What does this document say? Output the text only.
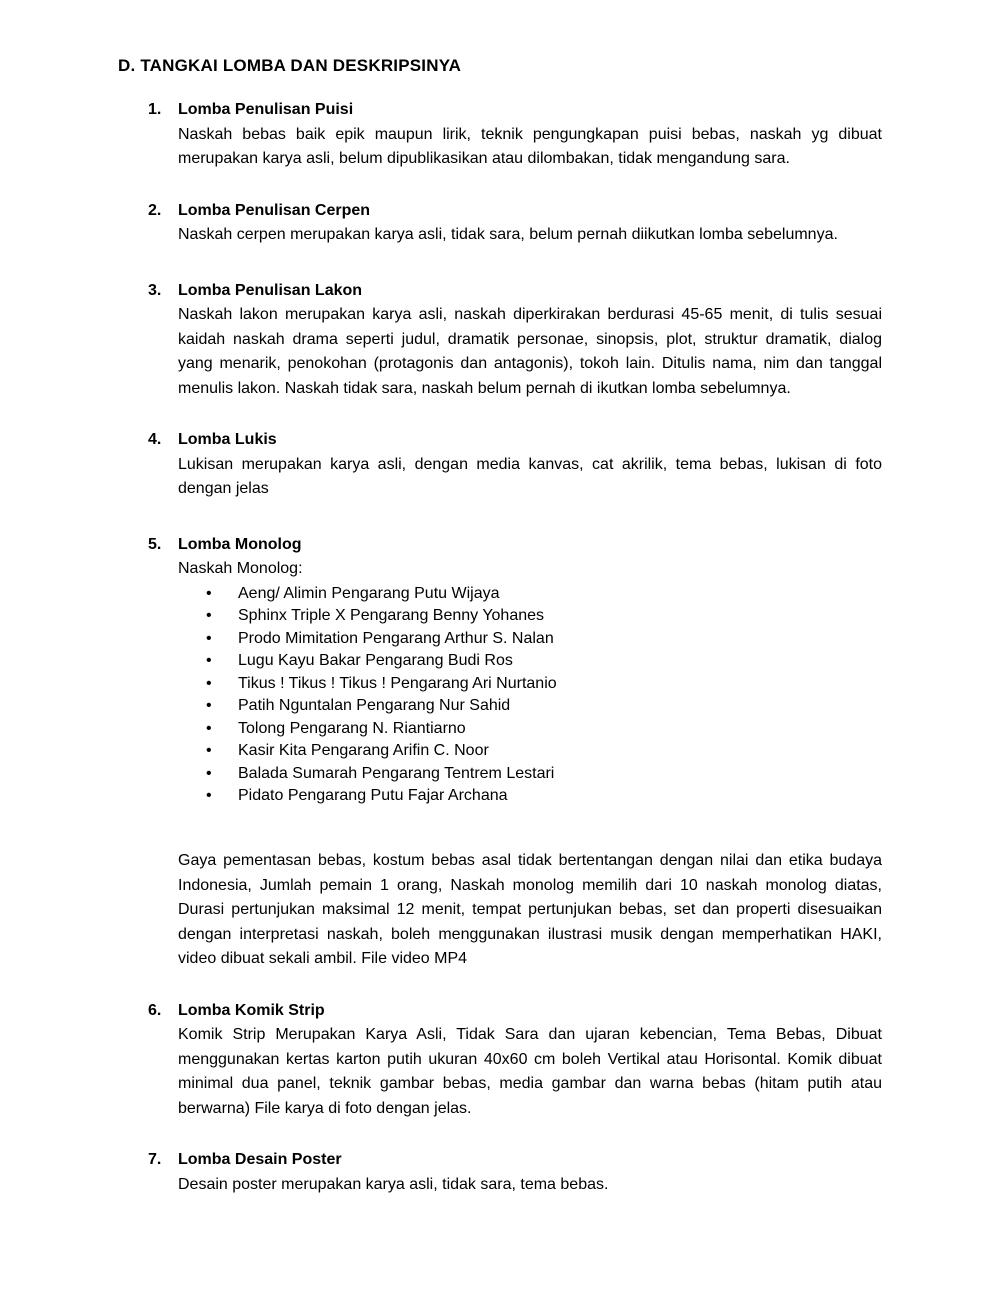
D. TANGKAI LOMBA DAN DESKRIPSINYA
1. Lomba Penulisan Puisi
Naskah bebas baik epik maupun lirik, teknik pengungkapan puisi bebas, naskah yg dibuat merupakan karya asli, belum dipublikasikan atau dilombakan, tidak mengandung sara.
2. Lomba Penulisan Cerpen
Naskah cerpen merupakan karya asli, tidak sara, belum pernah diikutkan lomba sebelumnya.
3. Lomba Penulisan Lakon
Naskah lakon merupakan karya asli, naskah diperkirakan berdurasi 45-65 menit, di tulis sesuai kaidah naskah drama seperti judul, dramatik personae, sinopsis, plot, struktur dramatik, dialog yang menarik, penokohan (protagonis dan antagonis), tokoh lain. Ditulis nama, nim dan tanggal menulis lakon. Naskah tidak sara, naskah belum pernah di ikutkan lomba sebelumnya.
4. Lomba Lukis
Lukisan merupakan karya asli, dengan media kanvas, cat akrilik, tema bebas, lukisan di foto dengan jelas
5. Lomba Monolog
Naskah Monolog:
• Aeng/ Alimin Pengarang Putu Wijaya
• Sphinx Triple X Pengarang Benny Yohanes
• Prodo Mimitation Pengarang Arthur S. Nalan
• Lugu Kayu Bakar Pengarang Budi Ros
• Tikus ! Tikus ! Tikus ! Pengarang Ari Nurtanio
• Patih Nguntalan Pengarang Nur Sahid
• Tolong Pengarang N. Riantiarno
• Kasir Kita Pengarang Arifin C. Noor
• Balada Sumarah Pengarang Tentrem Lestari
• Pidato Pengarang Putu Fajar Archana
Gaya pementasan bebas, kostum bebas asal tidak bertentangan dengan nilai dan etika budaya Indonesia, Jumlah pemain 1 orang, Naskah monolog memilih dari 10 naskah monolog diatas, Durasi pertunjukan maksimal 12 menit, tempat pertunjukan bebas, set dan properti disesuaikan dengan interpretasi naskah, boleh menggunakan ilustrasi musik dengan memperhatikan HAKI, video dibuat sekali ambil. File video MP4
6. Lomba Komik Strip
Komik Strip Merupakan Karya Asli, Tidak Sara dan ujaran kebencian, Tema Bebas, Dibuat menggunakan kertas karton putih ukuran 40x60 cm boleh Vertikal atau Horisontal. Komik dibuat minimal dua panel, teknik gambar bebas, media gambar dan warna bebas (hitam putih atau berwarna) File karya di foto dengan jelas.
7. Lomba Desain Poster
Desain poster merupakan karya asli, tidak sara, tema bebas.
